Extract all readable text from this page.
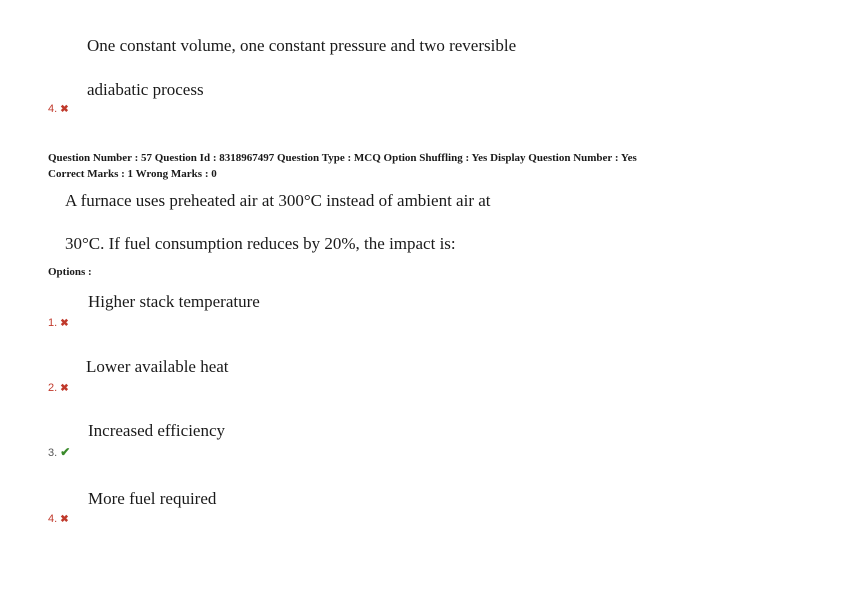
One constant volume, one constant pressure and two reversible
adiabatic process
4. ✖
Question Number : 57 Question Id : 8318967497 Question Type : MCQ Option Shuffling : Yes Display Question Number : Yes
Correct Marks : 1 Wrong Marks : 0
A furnace uses preheated air at 300°C instead of ambient air at
30°C. If fuel consumption reduces by 20%, the impact is:
Options :
Higher stack temperature
1. ✖
Lower available heat
2. ✖
Increased efficiency
3. ✔
More fuel required
4. ✖
